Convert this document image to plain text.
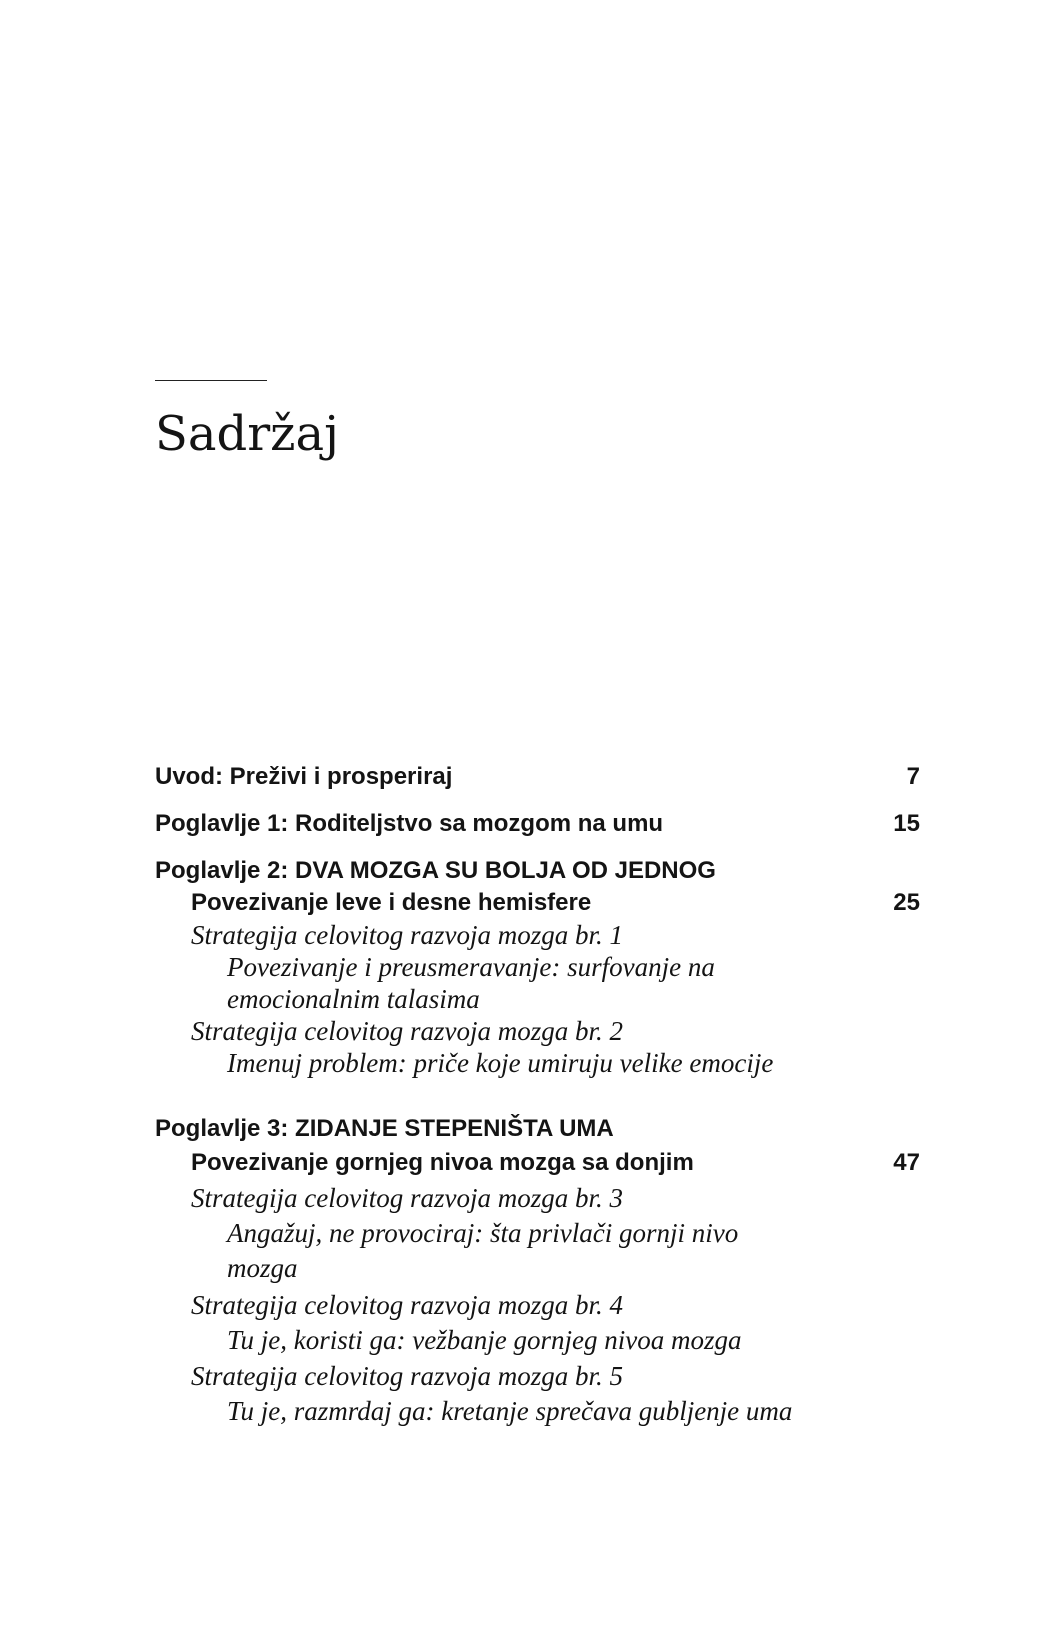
Sadržaj
Uvod: Preživi i prosperiraj	7
Poglavlje 1: Roditeljstvo sa mozgom na umu	15
Poglavlje 2: DVA MOZGA SU BOLJA OD JEDNOG
Povezivanje leve i desne hemisfere	25
Strategija celovitog razvoja mozga br. 1
Povezivanje i preusmeravanje: surfovanje na
emocionalnim talasima
Strategija celovitog razvoja mozga br. 2
Imenuj problem: priče koje umiruju velike emocije
Poglavlje 3: ZIDANJE STEPENIŠTA UMA
Povezivanje gornjeg nivoa mozga sa donjim	47
Strategija celovitog razvoja mozga br. 3
Angažuj, ne provociraj: šta privlači gornji nivo
mozga
Strategija celovitog razvoja mozga br. 4
Tu je, koristi ga: vežbanje gornjeg nivoa mozga
Strategija celovitog razvoja mozga br. 5
Tu je, razmrdaj ga: kretanje sprečava gubljenje uma
